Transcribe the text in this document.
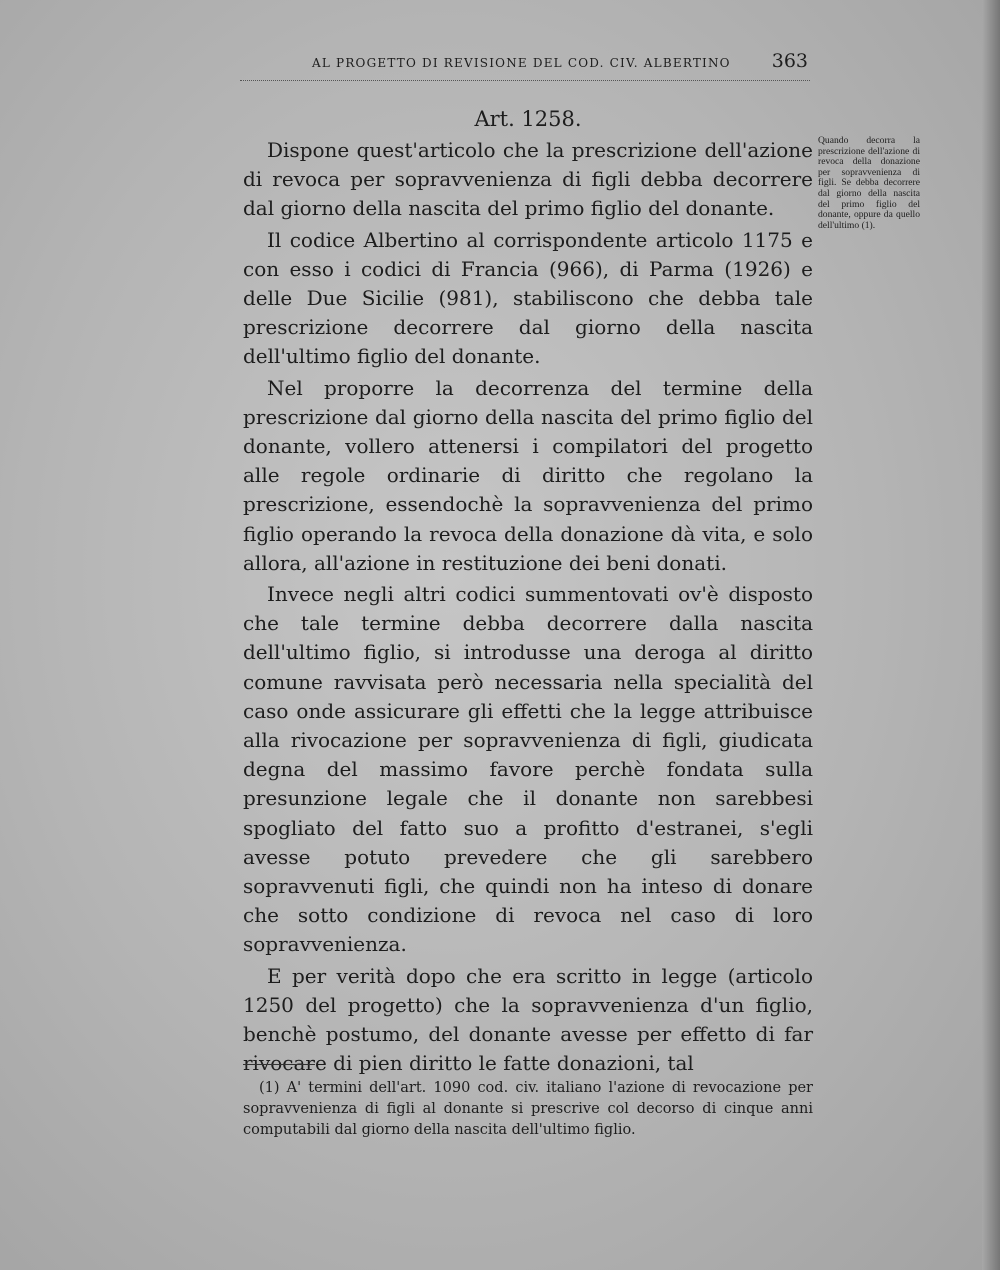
AL PROGETTO DI REVISIONE DEL COD. CIV. ALBERTINO 363
Art. 1258.

Dispone quest'articolo che la prescrizione dell'azione di revoca per sopravvenienza di figli debba decorrere dal giorno della nascita del primo figlio del donante.

Il codice Albertino al corrispondente articolo 1175 e con esso i codici di Francia (966), di Parma (1926) e delle Due Sicilie (981), stabiliscono che debba tale prescrizione decorrere dal giorno della nascita dell'ultimo figlio del donante.

Nel proporre la decorrenza del termine della prescrizione dal giorno della nascita del primo figlio del donante, vollero attenersi i compilatori del progetto alle regole ordinarie di diritto che regolano la prescrizione, essendochè la sopravvenienza del primo figlio operando la revoca della donazione dà vita, e solo allora, all'azione in restituzione dei beni donati.

Invece negli altri codici summentovati ov'è disposto che tale termine debba decorrere dalla nascita dell'ultimo figlio, si introdusse una deroga al diritto comune ravvisata però necessaria nella specialità del caso onde assicurare gli effetti che la legge attribuisce alla rivocazione per sopravvenienza di figli, giudicata degna del massimo favore perchè fondata sulla presunzione legale che il donante non sarebbesi spogliato del fatto suo a profitto d'estranei, s'egli avesse potuto prevedere che gli sarebbero sopravvenuti figli, che quindi non ha inteso di donare che sotto condizione di revoca nel caso di loro sopravvenienza.

E per verità dopo che era scritto in legge (articolo 1250 del progetto) che la sopravvenienza d'un figlio, benchè postumo, del donante avesse per effetto di far rivocare di pien diritto le fatte donazioni, tal

Quando decorra la prescrizione dell'azione di revoca della donazione per sopravvenienza di figli. Se debba decorrere dal giorno della nascita del primo figlio del donante, oppure da quello dell'ultimo (1).

(1) A' termini dell'art. 1090 cod. civ. italiano l'azione di revocazione per sopravvenienza di figli al donante si prescrive col decorso di cinque anni computabili dal giorno della nascita dell'ultimo figlio.
